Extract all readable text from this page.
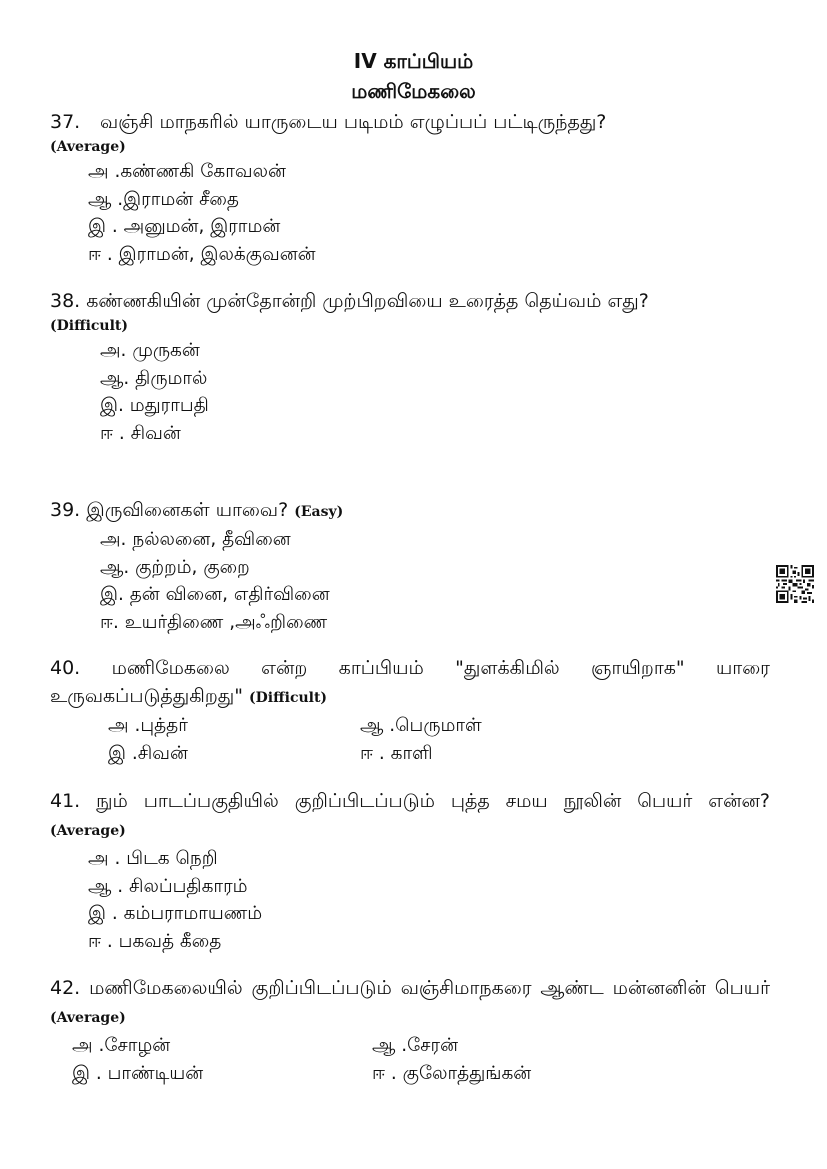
IV காப்பியம்
மணிமேகலை
37. வஞ்சி மாநகரில் யாருடைய படிமம் எழுப்பப் பட்டிருந்தது?
(Average)
அ .கண்ணகி கோவலன்
ஆ .இராமன் சீதை
இ . அனுமன், இராமன்
ஈ . இராமன், இலக்குவனன்
38. கண்ணகியின் முன்தோன்றி முற்பிறவியை உரைத்த தெய்வம் எது?
(Difficult)
அ. முருகன்
ஆ. திருமால்
இ. மதுராபதி
ஈ . சிவன்
39. இருவினைகள் யாவை? (Easy)
அ. நல்லனை, தீவினை
ஆ. குற்றம், குறை
இ. தன் வினை, எதிர்வினை
ஈ. உயர்திணை ,அஃறிணை
40. மணிமேகலை என்ற காப்பியம் "துளக்கிமில் ஞாயிறாக" யாரை உருவகப்படுத்துகிறது" (Difficult)
அ .புத்தர்	ஆ .பெருமாள்
இ .சிவன்	ஈ . காளி
41. நும் பாடப்பகுதியில் குறிப்பிடப்படும் புத்த சமய நூலின் பெயர் என்ன? (Average)
அ . பிடக நெறி
ஆ . சிலப்பதிகாரம்
இ . கம்பராமாயணம்
ஈ . பகவத் கீதை
42. மணிமேகலையில் குறிப்பிடப்படும் வஞ்சிமாநகரை ஆண்ட மன்னனின் பெயர் (Average)
அ .சோழன்	ஆ .சேரன்
இ . பாண்டியன்	ஈ . குலோத்துங்கன்
